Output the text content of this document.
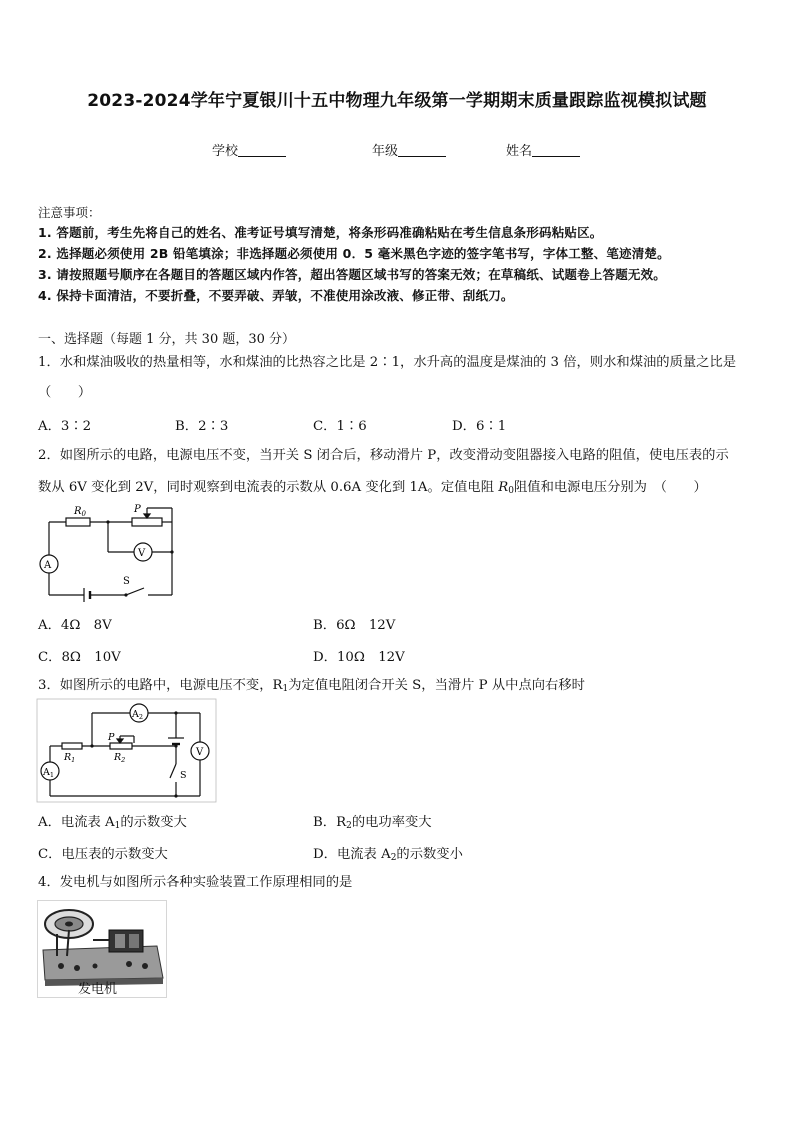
2023-2024学年宁夏银川十五中物理九年级第一学期期末质量跟踪监视模拟试题
学校	年级	姓名
注意事项：
1. 答题前，考生先将自己的姓名、准考证号填写清楚，将条形码准确粘贴在考生信息条形码粘贴区。
2. 选择题必须使用 2B 铅笔填涂；非选择题必须使用 0．5 毫米黑色字迹的签字笔书写，字体工整、笔迹清楚。
3. 请按照题号顺序在各题目的答题区域内作答，超出答题区域书写的答案无效；在草稿纸、试题卷上答题无效。
4. 保持卡面清洁，不要折叠，不要弄破、弄皱，不准使用涂改液、修正带、刮纸刀。
一、选择题（每题 1 分，共 30 题，30 分）
1．水和煤油吸收的热量相等，水和煤油的比热容之比是 2∶1，水升高的温度是煤油的 3 倍，则水和煤油的质量之比是
（　　）
A．3∶2	B．2∶3	C．1∶6	D．6∶1
2．如图所示的电路，电源电压不变，当开关 S 闭合后，移动滑片 P，改变滑动变阻器接入电路的阻值，使电压表的示
数从 6V 变化到 2V，同时观察到电流表的示数从 0.6A 变化到 1A。定值电阻 $R_0$阻值和电源电压分别为　（　　）
$R_0$	P
V
A
S
A．4Ω　8V	B．6Ω　12V
C．8Ω　10V	D．10Ω　12V
3．如图所示的电路中，电源电压不变，$R_1$为定值电阻闭合开关 S，当滑片 P 从中点向右移时
$A_2$
$A_1$
$R_1$	$R_2$
P
V
S
A．电流表 $A_1$的示数变大	B．$R_2$的电功率变大
C．电压表的示数变大	D．电流表 $A_2$的示数变小
4．发电机与如图所示各种实验装置工作原理相同的是
发电机
